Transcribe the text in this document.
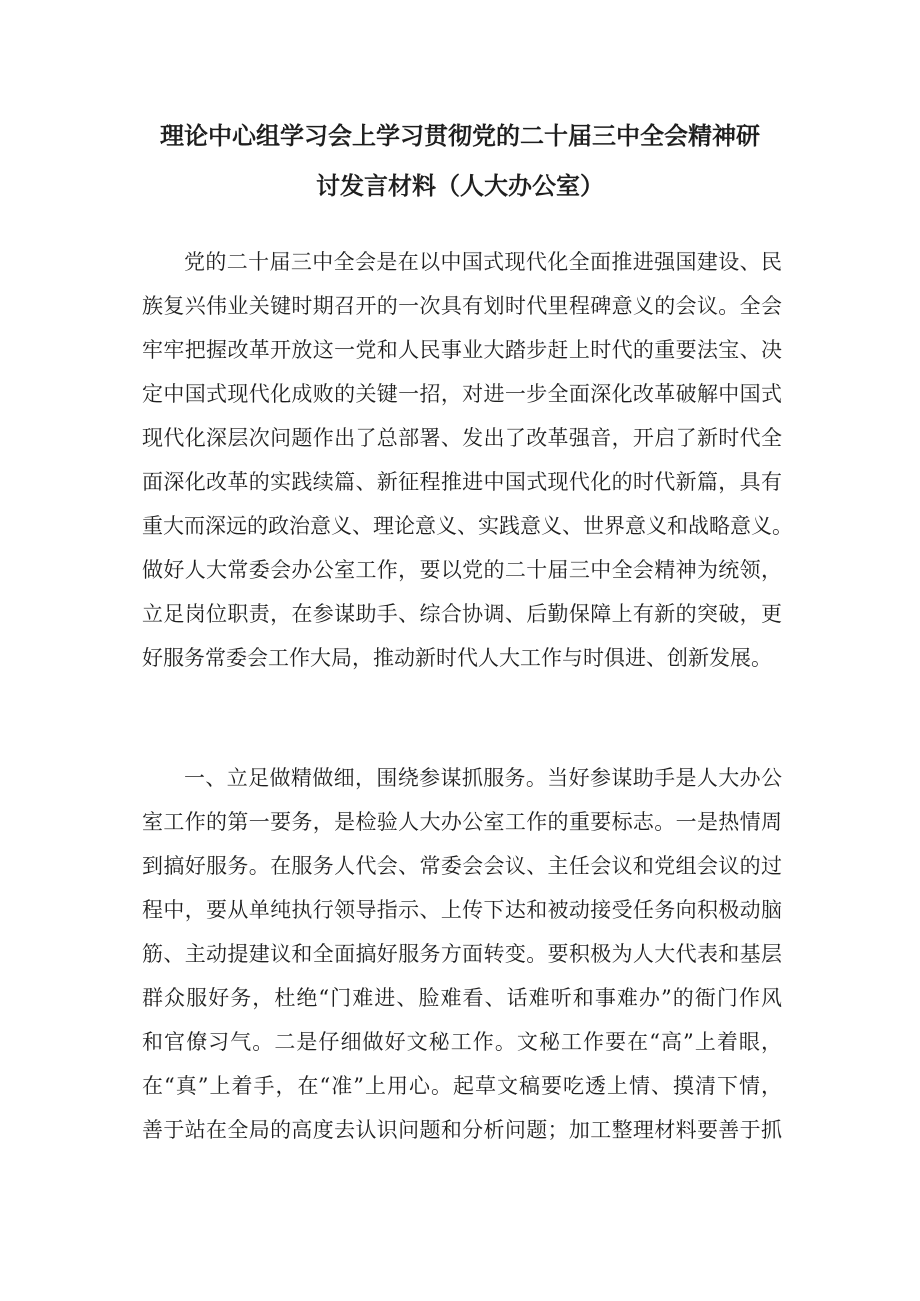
理论中心组学习会上学习贯彻党的二十届三中全会精神研
讨发言材料（人大办公室）
党的二十届三中全会是在以中国式现代化全面推进强国建设、民
族复兴伟业关键时期召开的一次具有划时代里程碑意义的会议。全会
牢牢把握改革开放这一党和人民事业大踏步赶上时代的重要法宝、决
定中国式现代化成败的关键一招，对进一步全面深化改革破解中国式
现代化深层次问题作出了总部署、发出了改革强音，开启了新时代全
面深化改革的实践续篇、新征程推进中国式现代化的时代新篇，具有
重大而深远的政治意义、理论意义、实践意义、世界意义和战略意义。
做好人大常委会办公室工作，要以党的二十届三中全会精神为统领，
立足岗位职责，在参谋助手、综合协调、后勤保障上有新的突破，更
好服务常委会工作大局，推动新时代人大工作与时俱进、创新发展。
一、立足做精做细，围绕参谋抓服务。当好参谋助手是人大办公
室工作的第一要务，是检验人大办公室工作的重要标志。一是热情周
到搞好服务。在服务人代会、常委会会议、主任会议和党组会议的过
程中，要从单纯执行领导指示、上传下达和被动接受任务向积极动脑
筋、主动提建议和全面搞好服务方面转变。要积极为人大代表和基层
群众服好务，杜绝“门难进、脸难看、话难听和事难办”的衙门作风
和官僚习气。二是仔细做好文秘工作。文秘工作要在“高”上着眼，
在“真”上着手，在“准”上用心。起草文稿要吃透上情、摸清下情，
善于站在全局的高度去认识问题和分析问题；加工整理材料要善于抓
